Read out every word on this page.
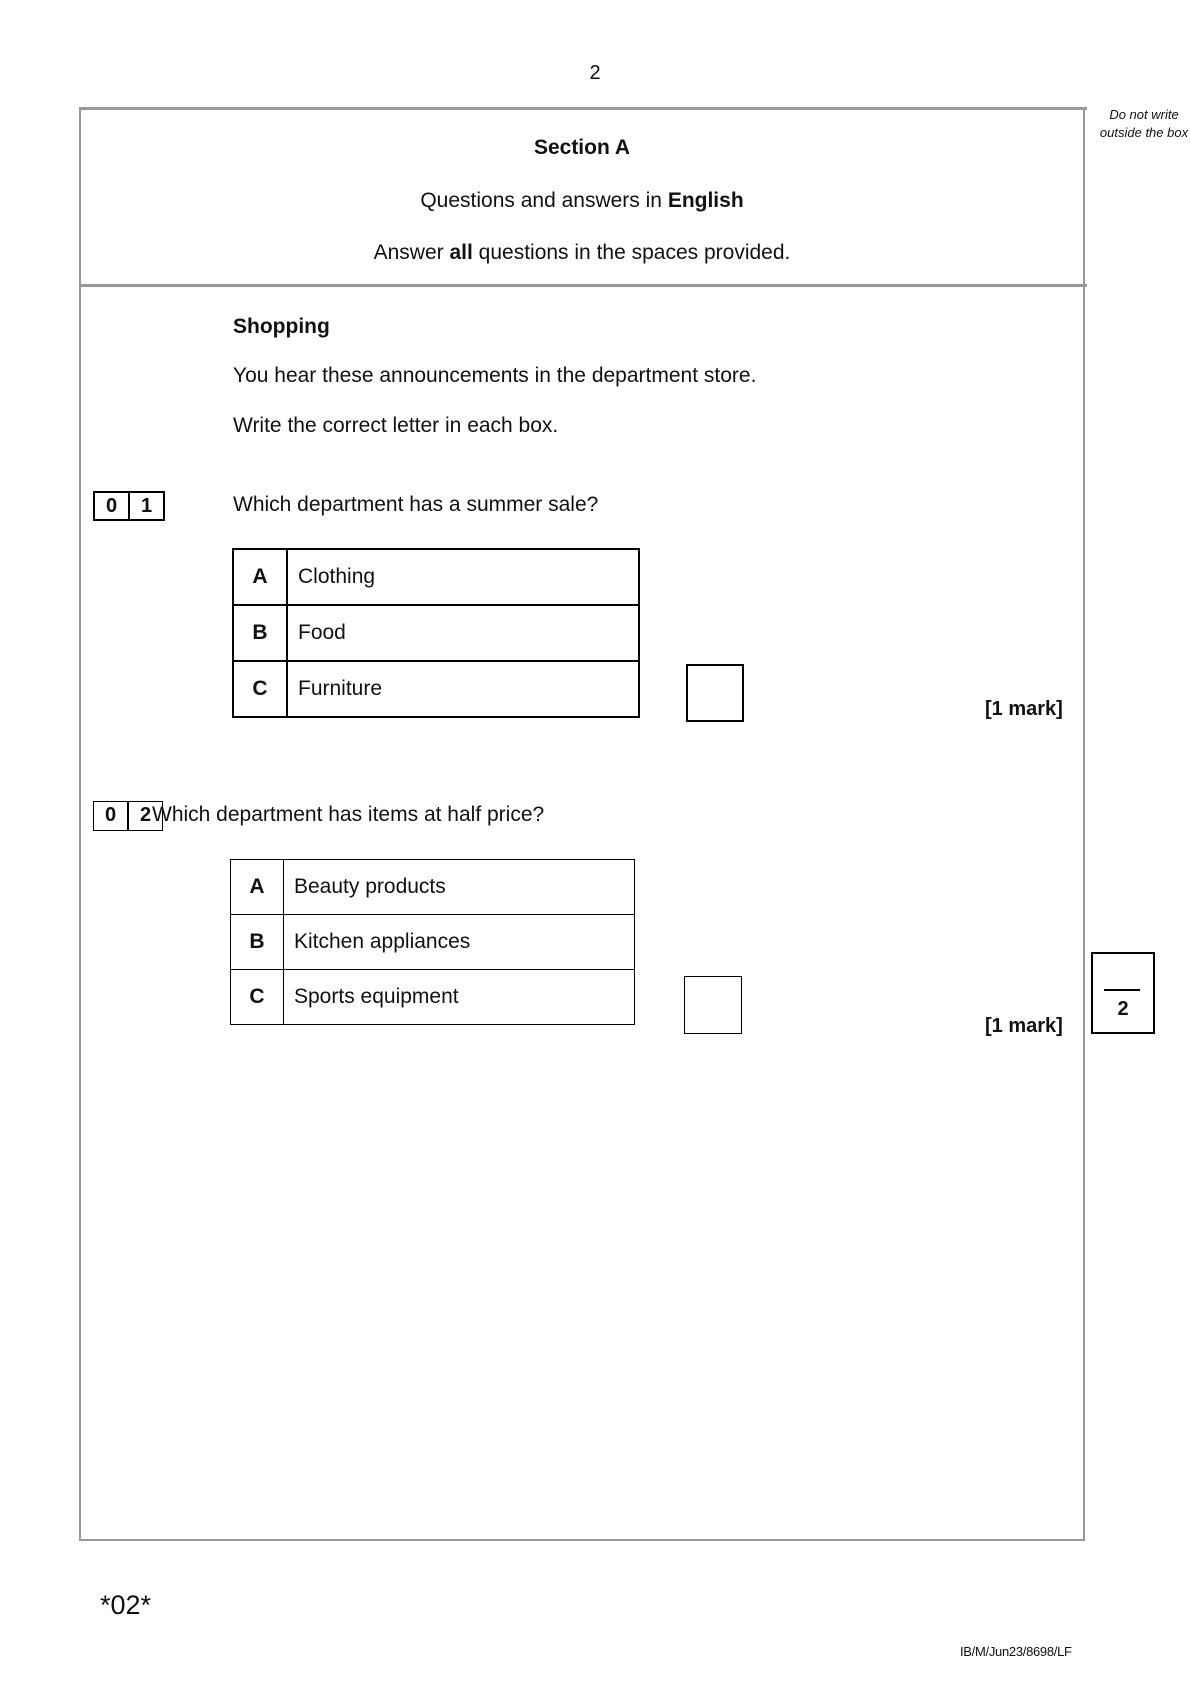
2
Do not write outside the box
Section A
Questions and answers in English
Answer all questions in the spaces provided.
Shopping
You hear these announcements in the department store.
Write the correct letter in each box.
0	1	Which department has a summer sale?
A	Clothing
B	Food
C	Furniture
[1 mark]
0	2 Which department has items at half price?
A	Beauty products
B	Kitchen appliances
C	Sports equipment
[1 mark]
2
*02*
IB/M/Jun23/8698/LF
